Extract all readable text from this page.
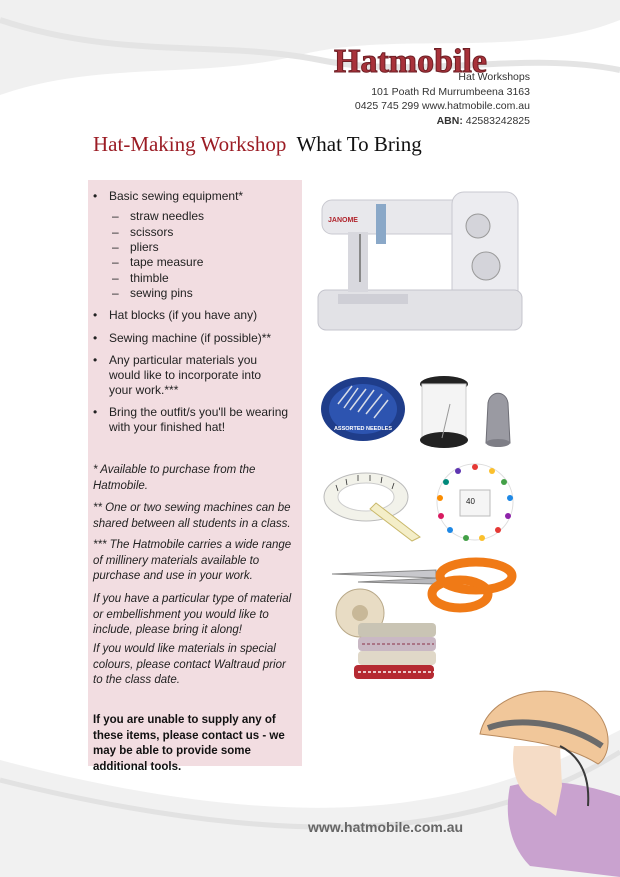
Hatmobile
Hat Workshops
101 Poath Rd Murrumbeena 3163
0425 745 299 www.hatmobile.com.au
ABN: 42583242825
Hat-Making Workshop What To Bring
• Basic sewing equipment*
– straw needles
– scissors
– pliers
– tape measure
– thimble
– sewing pins
• Hat blocks (if you have any)
• Sewing machine (if possible)**
• Any particular materials you would like to incorporate into your work.***
• Bring the outfit/s you'll be wearing with your finished hat!
* Available to purchase from the Hatmobile.
** One or two sewing machines can be shared between all students in a class.
*** The Hatmobile carries a wide range of millinery materials available to purchase and use in your work.
If you have a particular type of material or embellishment you would like to include, please bring it along!
If you would like materials in special colours, please contact Waltraud prior to the class date.
If you are unable to supply any of these items, please contact us - we may be able to provide some additional tools.
JANOME
ASSORTED NEEDLES
40
www.hatmobile.com.au
